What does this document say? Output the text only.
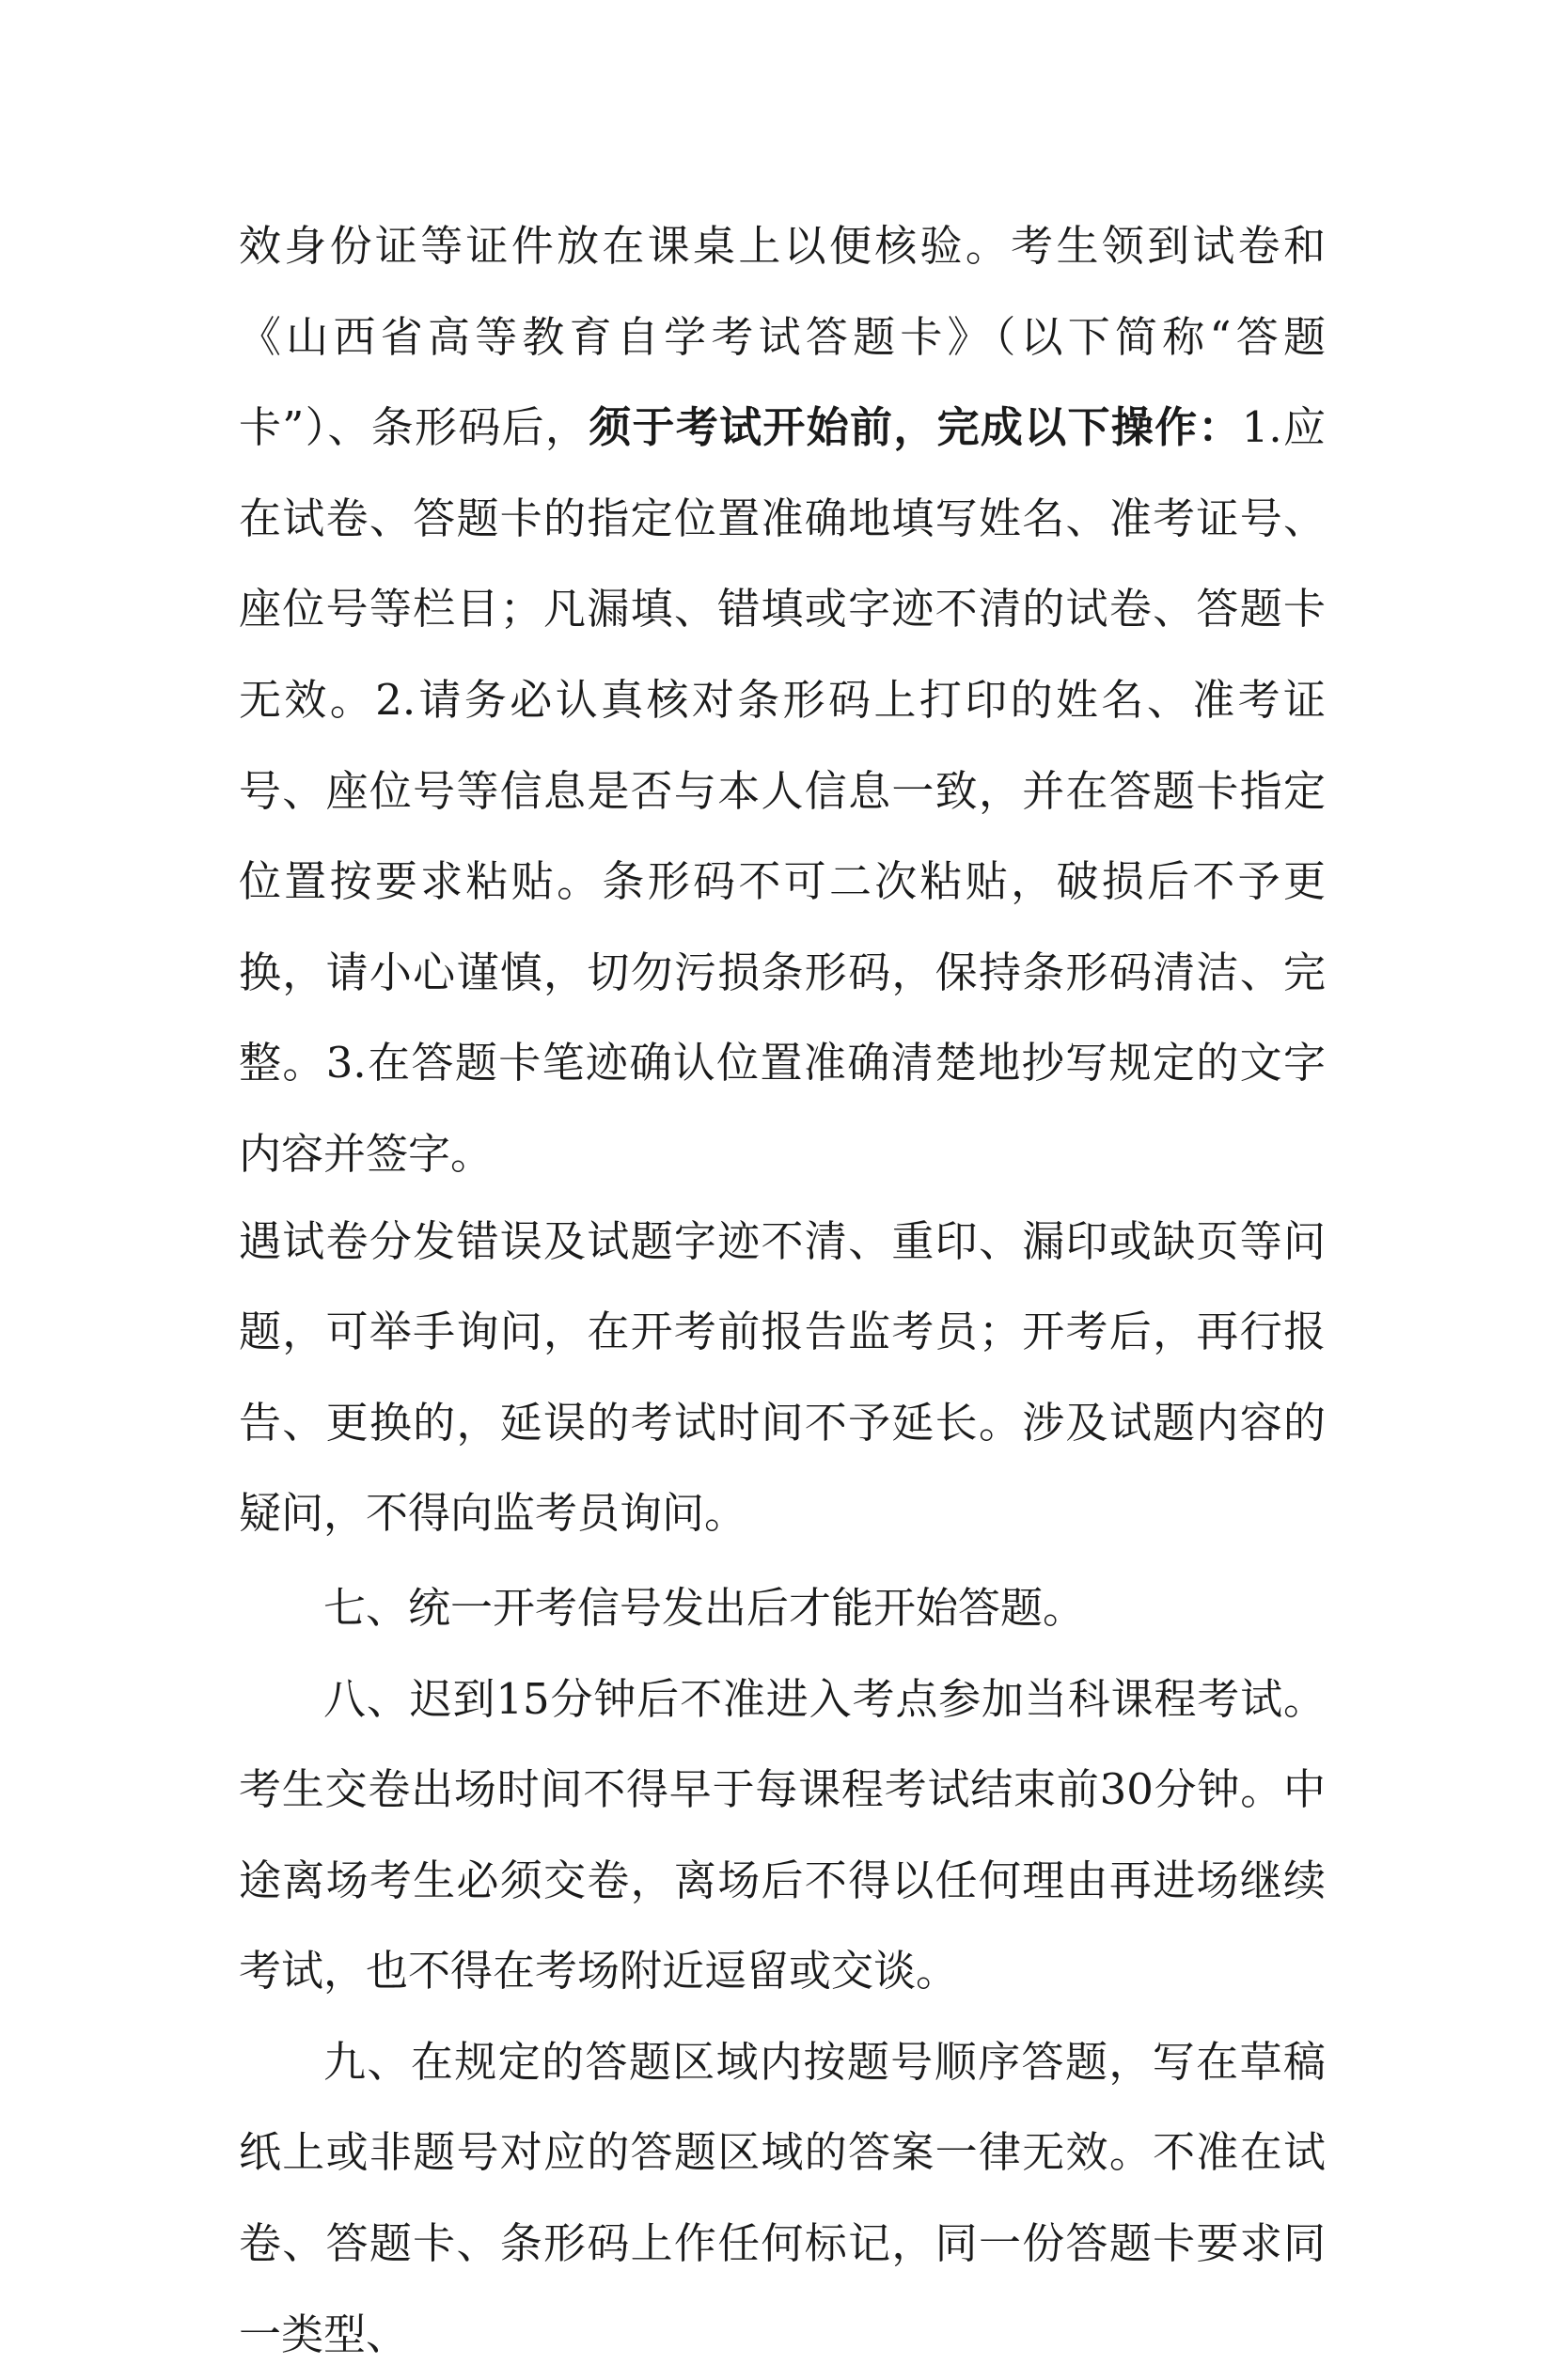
效身份证等证件放在课桌上以便核验。考生领到试卷和《山西省高等教育自学考试答题卡》（以下简称“答题卡”）、条形码后，须于考试开始前，完成以下操作：1.应在试卷、答题卡的指定位置准确地填写姓名、准考证号、座位号等栏目；凡漏填、错填或字迹不清的试卷、答题卡无效。2.请务必认真核对条形码上打印的姓名、准考证号、座位号等信息是否与本人信息一致，并在答题卡指定位置按要求粘贴。条形码不可二次粘贴，破损后不予更换，请小心谨慎，切勿污损条形码，保持条形码清洁、完整。3.在答题卡笔迹确认位置准确清楚地抄写规定的文字内容并签字。

遇试卷分发错误及试题字迹不清、重印、漏印或缺页等问题，可举手询问，在开考前报告监考员；开考后，再行报告、更换的，延误的考试时间不予延长。涉及试题内容的疑问，不得向监考员询问。

七、统一开考信号发出后才能开始答题。

八、迟到15分钟后不准进入考点参加当科课程考试。考生交卷出场时间不得早于每课程考试结束前30分钟。中途离场考生必须交卷，离场后不得以任何理由再进场继续考试，也不得在考场附近逗留或交谈。

九、在规定的答题区域内按题号顺序答题，写在草稿纸上或非题号对应的答题区域的答案一律无效。不准在试卷、答题卡、条形码上作任何标记，同一份答题卡要求同一类型、
